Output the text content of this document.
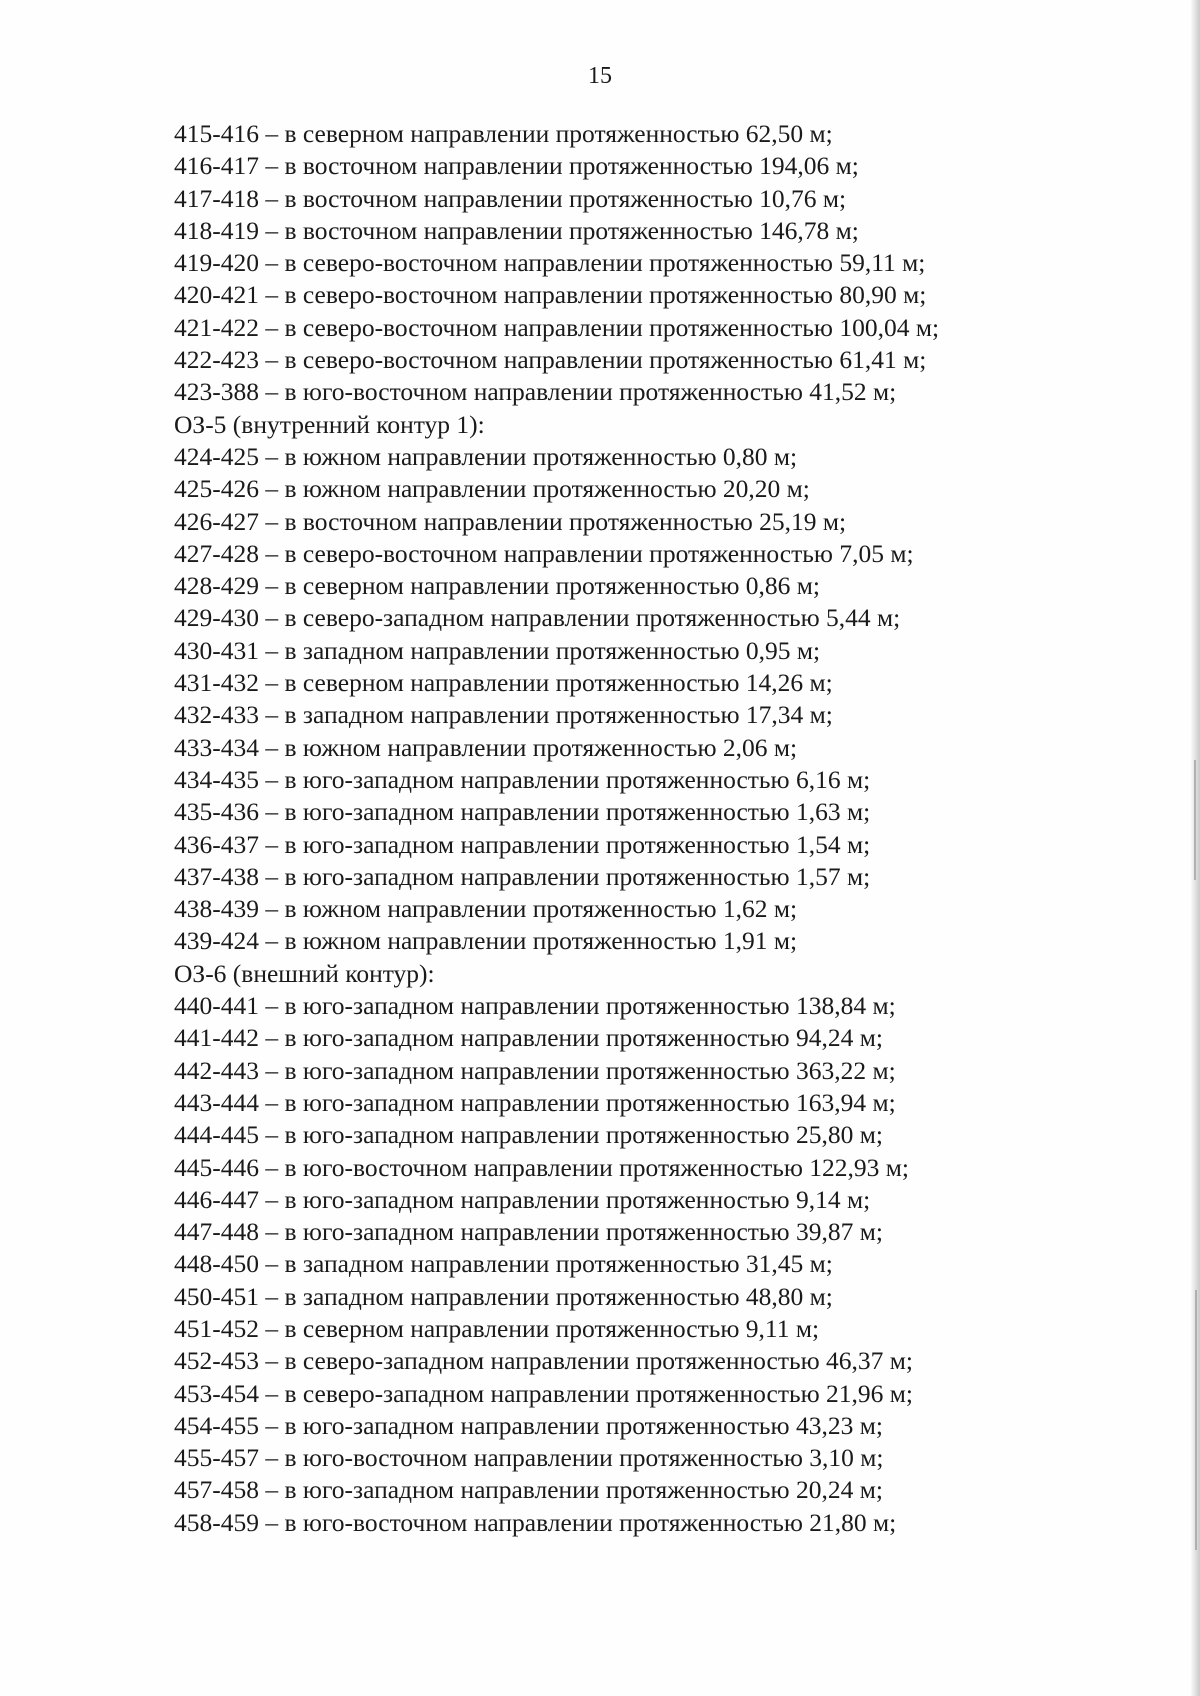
15
415-416 – в северном направлении протяженностью 62,50 м;
416-417 – в восточном направлении протяженностью 194,06 м;
417-418 – в восточном направлении протяженностью 10,76 м;
418-419 – в восточном направлении протяженностью 146,78 м;
419-420 – в северо-восточном направлении протяженностью 59,11 м;
420-421 – в северо-восточном направлении протяженностью 80,90 м;
421-422 – в северо-восточном направлении протяженностью 100,04 м;
422-423 – в северо-восточном направлении протяженностью 61,41 м;
423-388 – в юго-восточном направлении протяженностью 41,52 м;
ОЗ-5 (внутренний контур 1):
424-425 – в южном направлении протяженностью 0,80 м;
425-426 – в южном направлении протяженностью 20,20 м;
426-427 – в восточном направлении протяженностью 25,19 м;
427-428 – в северо-восточном направлении протяженностью 7,05 м;
428-429 – в северном направлении протяженностью 0,86 м;
429-430 – в северо-западном направлении протяженностью 5,44 м;
430-431 – в западном направлении протяженностью 0,95 м;
431-432 – в северном направлении протяженностью 14,26 м;
432-433 – в западном направлении протяженностью 17,34 м;
433-434 – в южном направлении протяженностью 2,06 м;
434-435 – в юго-западном направлении протяженностью 6,16 м;
435-436 – в юго-западном направлении протяженностью 1,63 м;
436-437 – в юго-западном направлении протяженностью 1,54 м;
437-438 – в юго-западном направлении протяженностью 1,57 м;
438-439 – в южном направлении протяженностью 1,62 м;
439-424 – в южном направлении протяженностью 1,91 м;
ОЗ-6 (внешний контур):
440-441 – в юго-западном направлении протяженностью 138,84 м;
441-442 – в юго-западном направлении протяженностью 94,24 м;
442-443 – в юго-западном направлении протяженностью 363,22 м;
443-444 – в юго-западном направлении протяженностью 163,94 м;
444-445 – в юго-западном направлении протяженностью 25,80 м;
445-446 – в юго-восточном направлении протяженностью 122,93 м;
446-447 – в юго-западном направлении протяженностью 9,14 м;
447-448 – в юго-западном направлении протяженностью 39,87 м;
448-450 – в западном направлении протяженностью 31,45 м;
450-451 – в западном направлении протяженностью 48,80 м;
451-452 – в северном направлении протяженностью 9,11 м;
452-453 – в северо-западном направлении протяженностью 46,37 м;
453-454 – в северо-западном направлении протяженностью 21,96 м;
454-455 – в юго-западном направлении протяженностью 43,23 м;
455-457 – в юго-восточном направлении протяженностью 3,10 м;
457-458 – в юго-западном направлении протяженностью 20,24 м;
458-459 – в юго-восточном направлении протяженностью 21,80 м;
